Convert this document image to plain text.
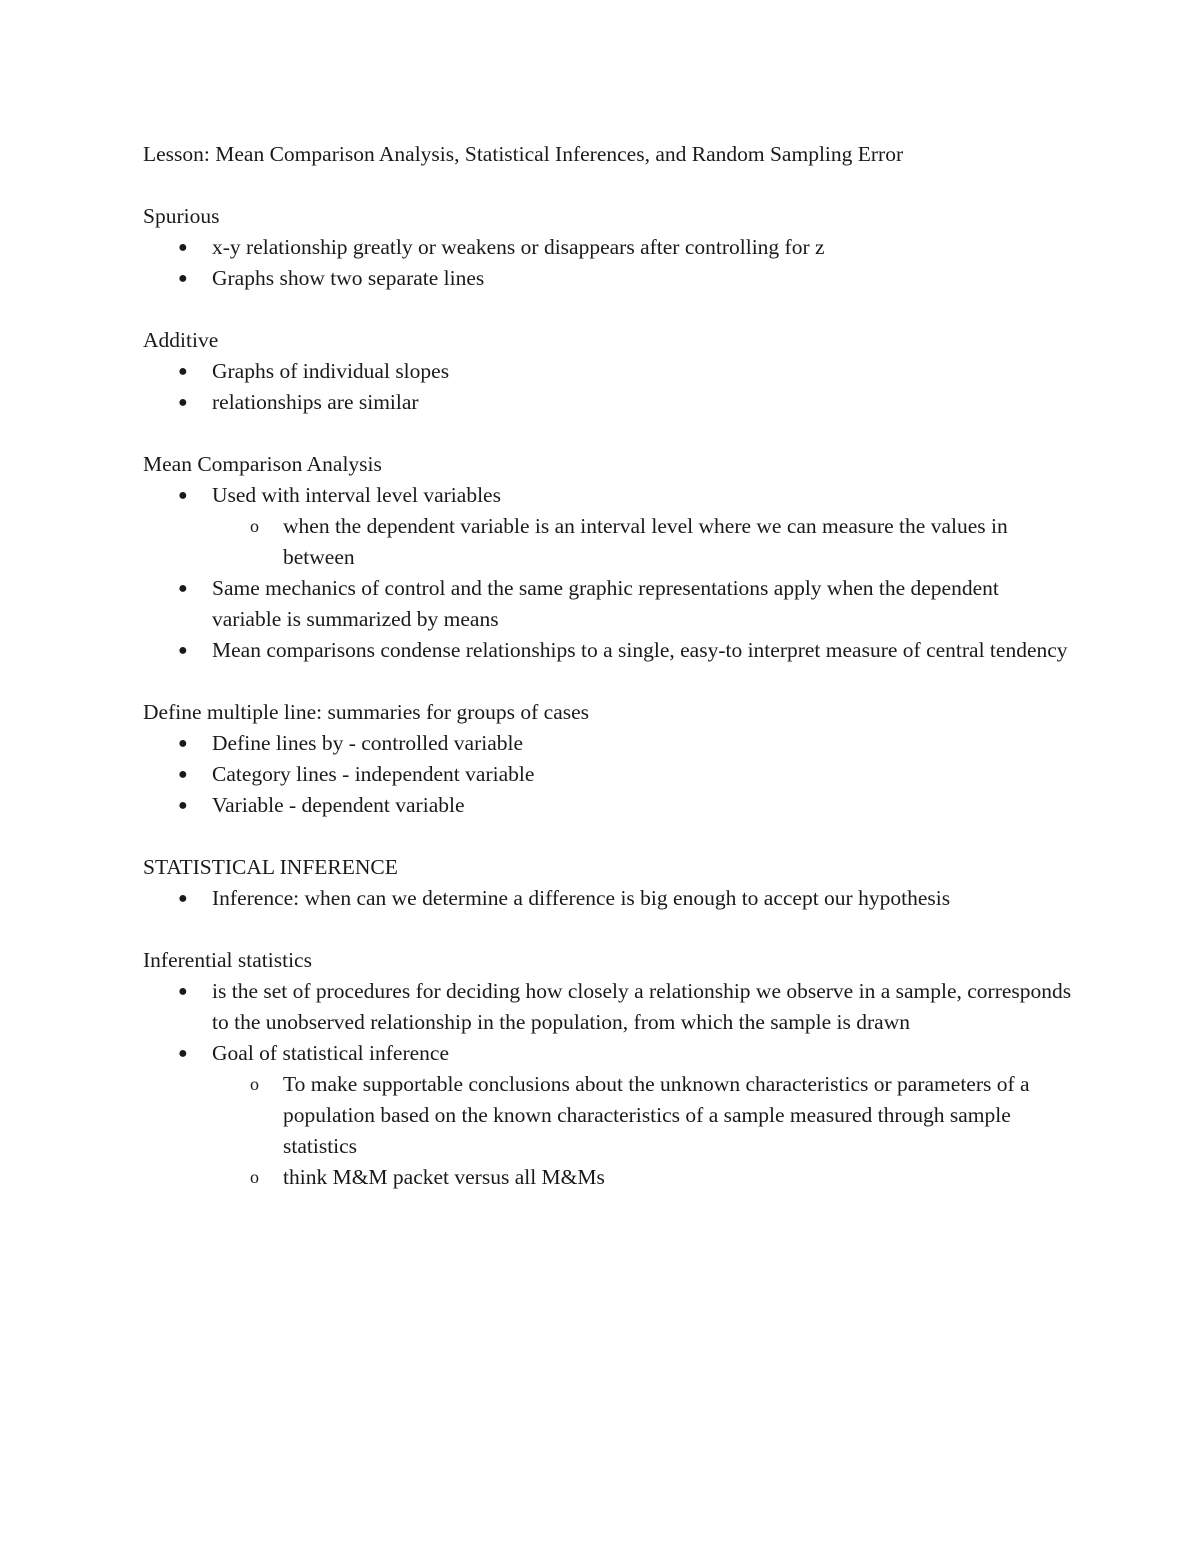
Lesson: Mean Comparison Analysis, Statistical Inferences, and Random Sampling Error

Spurious

● x-y relationship greatly or weakens or disappears after controlling for z
● Graphs show two separate lines

Additive

● Graphs of individual slopes
● relationships are similar

Mean Comparison Analysis

● Used with interval level variables
o when the dependent variable is an interval level where we can measure the values in between
● Same mechanics of control and the same graphic representations apply when the dependent variable is summarized by means
● Mean comparisons condense relationships to a single, easy-to interpret measure of central tendency

Define multiple line: summaries for groups of cases

● Define lines by - controlled variable
● Category lines - independent variable
● Variable - dependent variable

STATISTICAL INFERENCE

● Inference: when can we determine a difference is big enough to accept our hypothesis

Inferential statistics

● is the set of procedures for deciding how closely a relationship we observe in a sample, corresponds to the unobserved relationship in the population, from which the sample is drawn
● Goal of statistical inference
o To make supportable conclusions about the unknown characteristics or parameters of a population based on the known characteristics of a sample measured through sample statistics
o think M&M packet versus all M&Ms
